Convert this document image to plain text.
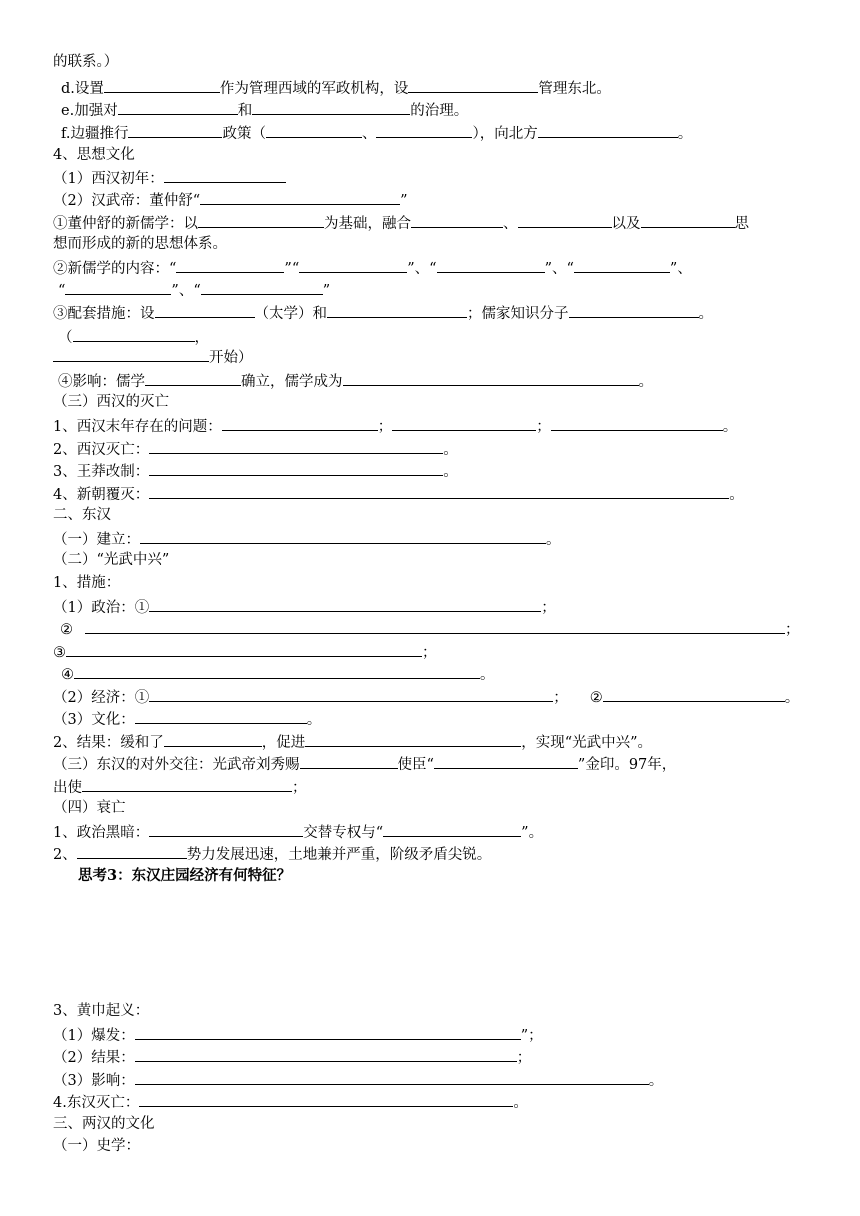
的联系。）
d.设置	作为管理西域的军政机构，设	管理东北。
e.加强对	和	的治理。
f.边疆推行	政策（	、	），向北方	。
4、思想文化
（1）西汉初年：
（2）汉武帝：董仲舒“	”
①董仲舒的新儒学：以	为基础，融合	、	以及	思
想而形成的新的思想体系。
②新儒学的内容：“	”“	”、“	”、“	”、
“	”、“	”
③配套措施：设	（太学）和	；儒家知识分子	。
（	，
开始）
④影响：儒学	确立，儒学成为	。
（三）西汉的灭亡
1、西汉末年存在的问题：	；	；	。
2、西汉灭亡：	。
3、王莽改制：	。
4、新朝覆灭：	。
二、东汉
（一）建立：	。
（二）“光武中兴”
1、措施：
（1）政治：①	；
②	；
③	；
④	。
（2）经济：①	； ②	。
（3）文化：	。
2、结果：缓和了	，促进	，实现“光武中兴”。
（三）东汉的对外交往：光武帝刘秀赐	使臣“	”金印。97年，
出使	；
（四）衰亡
1、政治黑暗：	交替专权与“	”。
2、	势力发展迅速，土地兼并严重，阶级矛盾尖锐。
思考3：东汉庄园经济有何特征？
3、黄巾起义：
（1）爆发：	”；
（2）结果：	；
（3）影响：	。
4.东汉灭亡：	。
三、两汉的文化
（一）史学：
